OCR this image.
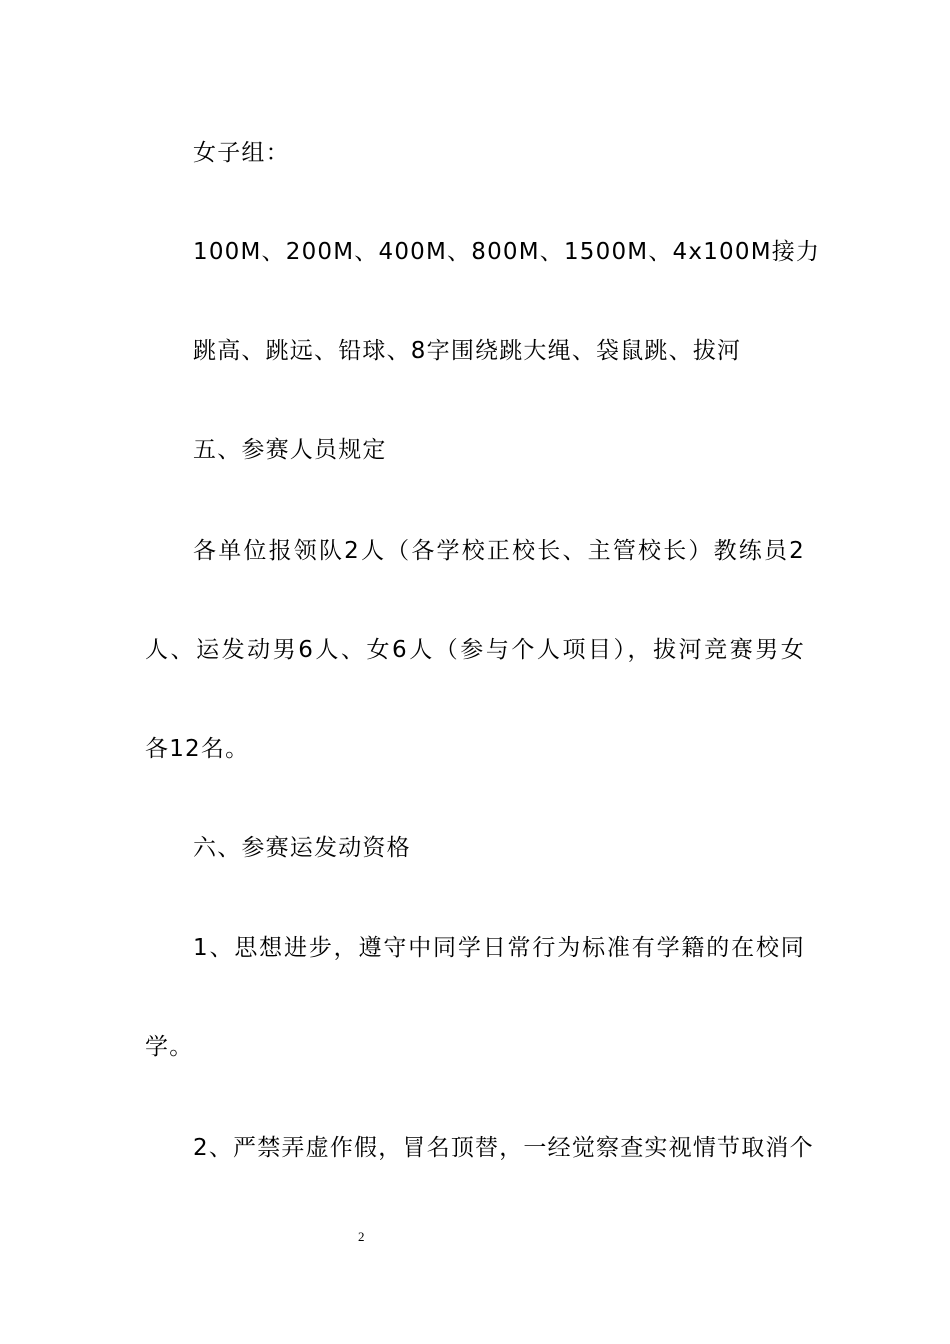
女子组：
100M、200M、400M、800M、1500M、4x100M接力
跳高、跳远、铅球、8字围绕跳大绳、袋鼠跳、拔河
五、参赛人员规定
各单位报领队2人（各学校正校长、主管校长）教练员2
人、运发动男6人、女6人（参与个人项目），拔河竞赛男女
各12名。
六、参赛运发动资格
1、思想进步，遵守中同学日常行为标准有学籍的在校同
学。
2、严禁弄虚作假，冒名顶替，一经觉察查实视情节取消个
2
